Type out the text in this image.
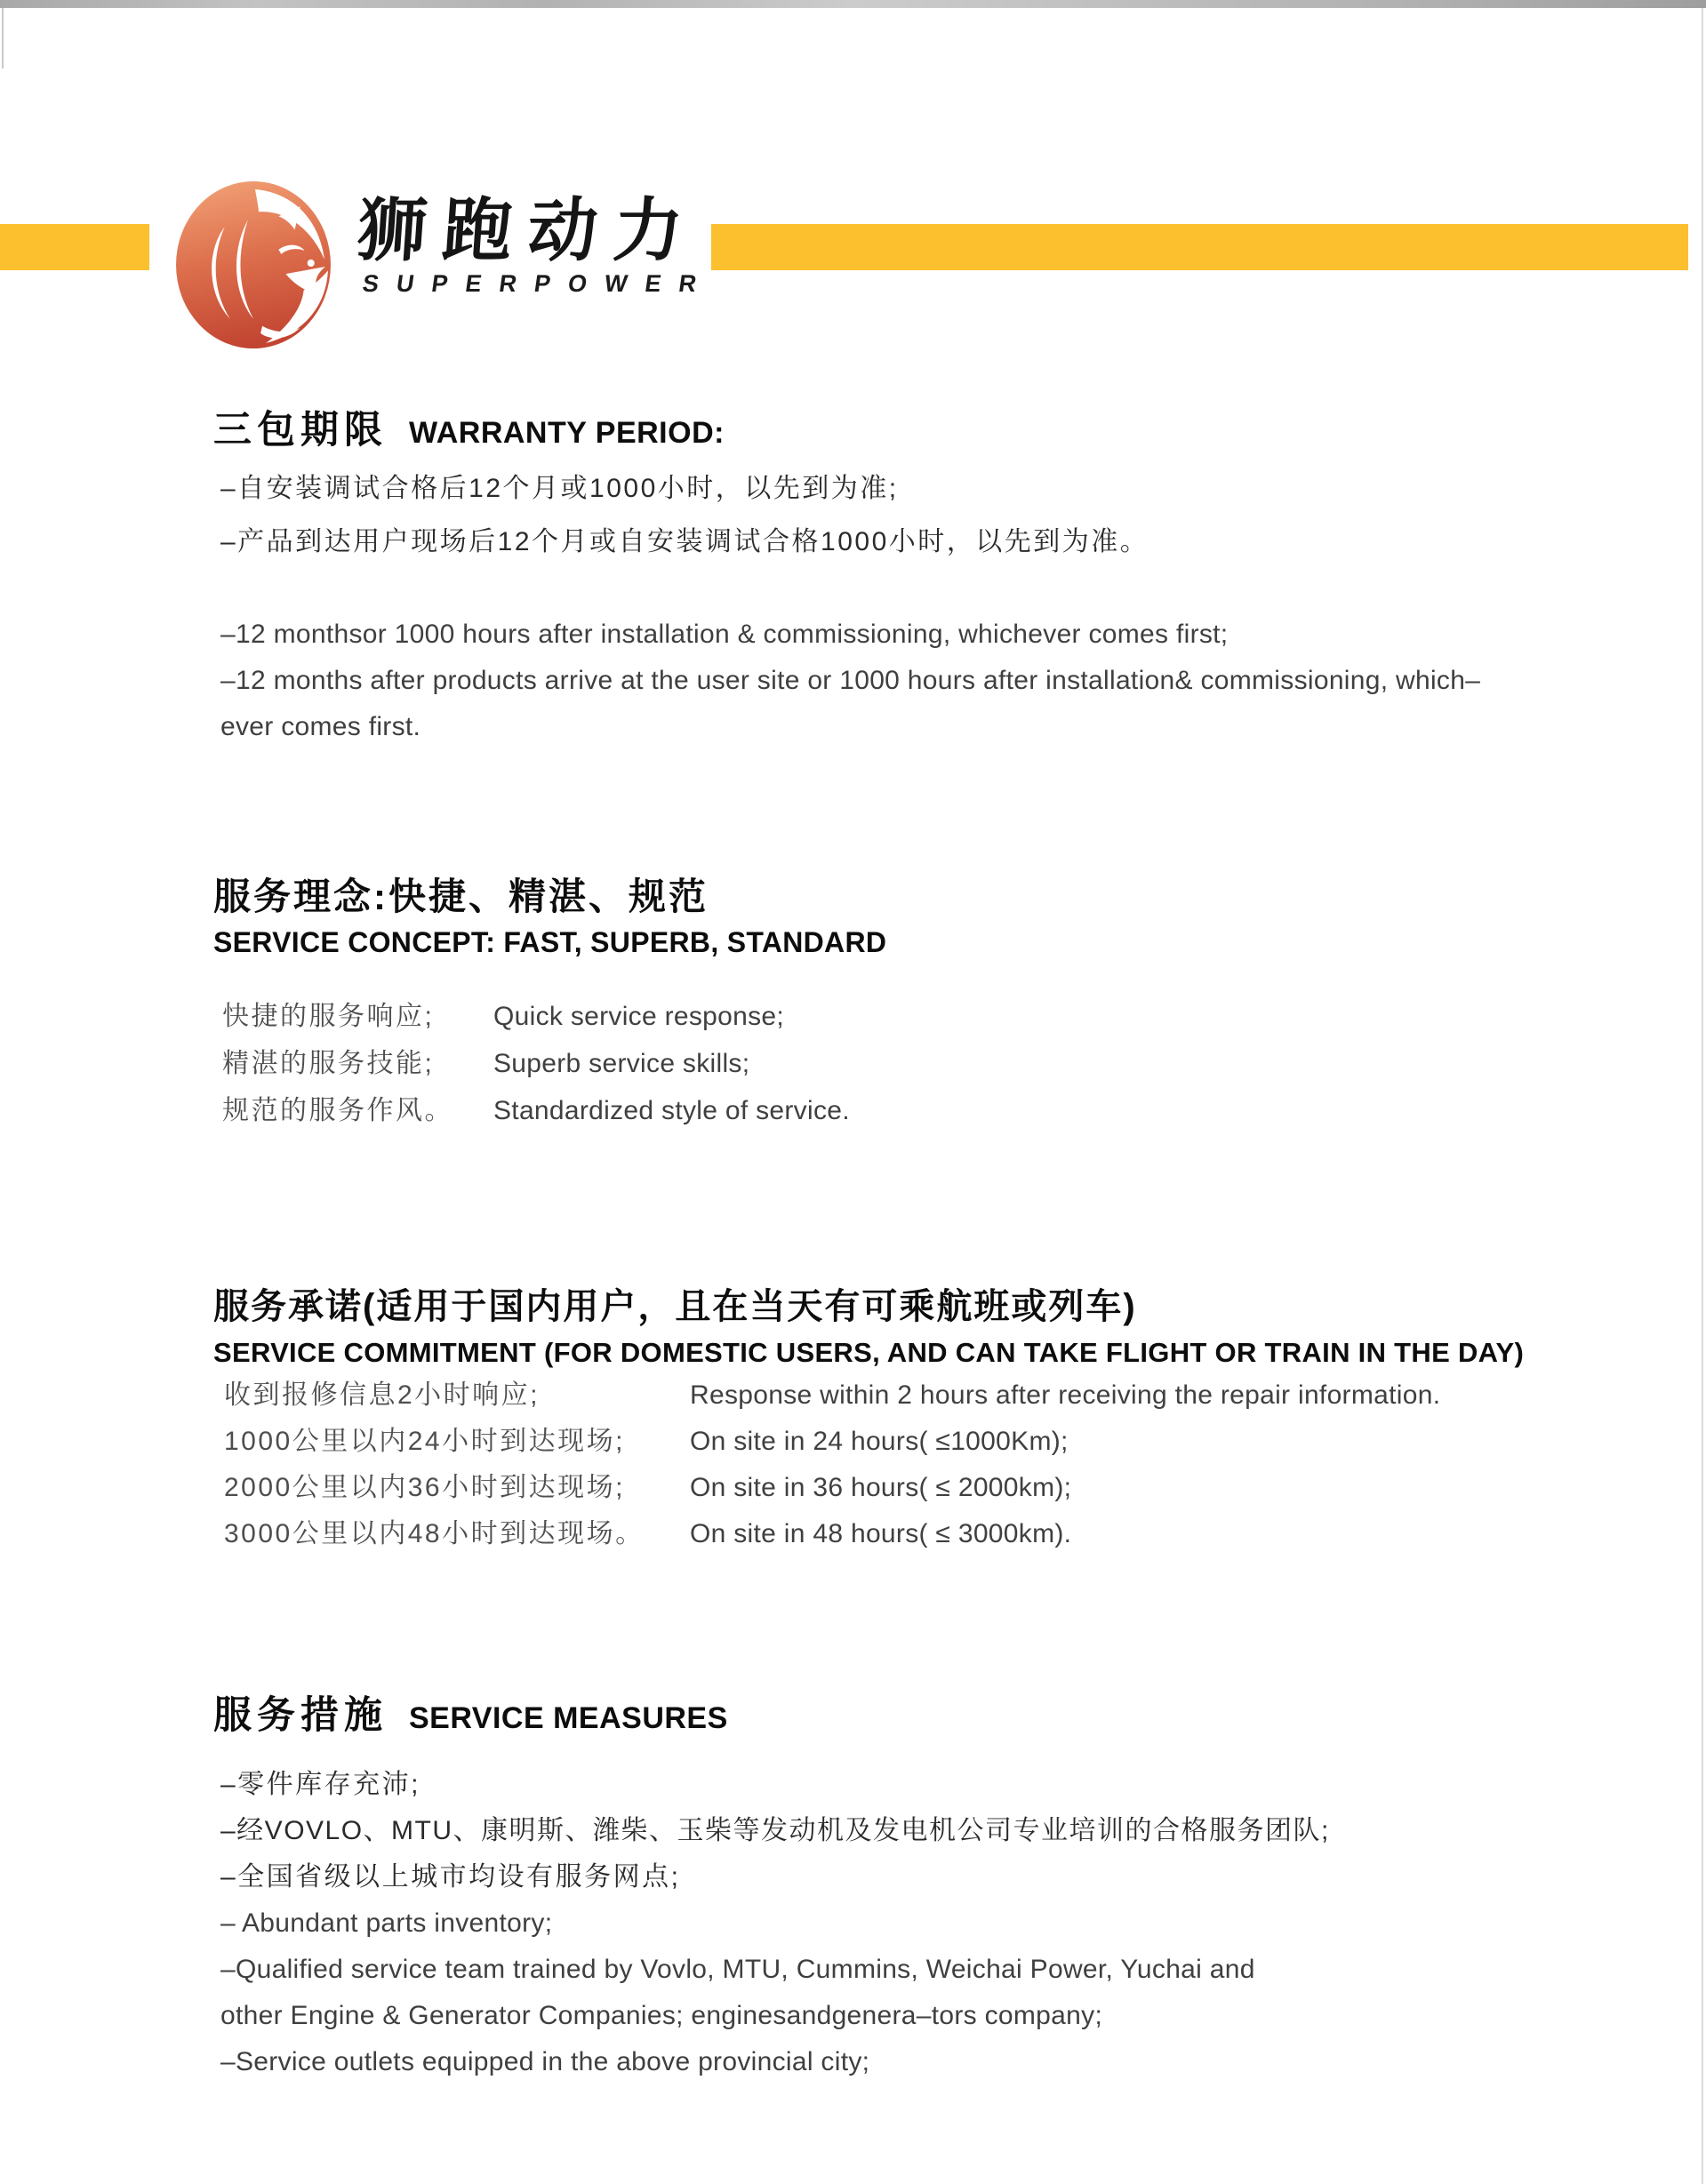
狮跑动力
SUPERPOWER
三包期限 WARRANTY PERIOD:
–自安装调试合格后12个月或1000小时，以先到为准;
–产品到达用户现场后12个月或自安装调试合格1000小时，以先到为准。
–12 monthsor 1000 hours after installation & commissioning, whichever comes first;
–12 months after products arrive at the user site or 1000 hours after installation& commissioning, which–
ever comes first.
服务理念:快捷、精湛、规范
SERVICE CONCEPT: FAST, SUPERB, STANDARD
快捷的服务响应; Quick service response;
精湛的服务技能; Superb service skills;
规范的服务作风。 Standardized style of service.
服务承诺(适用于国内用户，且在当天有可乘航班或列车)
SERVICE COMMITMENT (FOR DOMESTIC USERS, AND CAN TAKE FLIGHT OR TRAIN IN THE DAY)
收到报修信息2小时响应;	Response within 2 hours after receiving the repair information.
1000公里以内24小时到达现场; On site in 24 hours( ≤1000Km);
2000公里以内36小时到达现场; On site in 36 hours( ≤ 2000km);
3000公里以内48小时到达现场。 On site in 48 hours( ≤ 3000km).
服务措施 SERVICE MEASURES
–零件库存充沛;
–经VOVLO、MTU、康明斯、潍柴、玉柴等发动机及发电机公司专业培训的合格服务团队;
–全国省级以上城市均设有服务网点;
– Abundant parts inventory;
–Qualified service team trained by Vovlo, MTU, Cummins, Weichai Power, Yuchai and
other Engine & Generator Companies; enginesandgenera–tors company;
–Service outlets equipped in the above provincial city;
